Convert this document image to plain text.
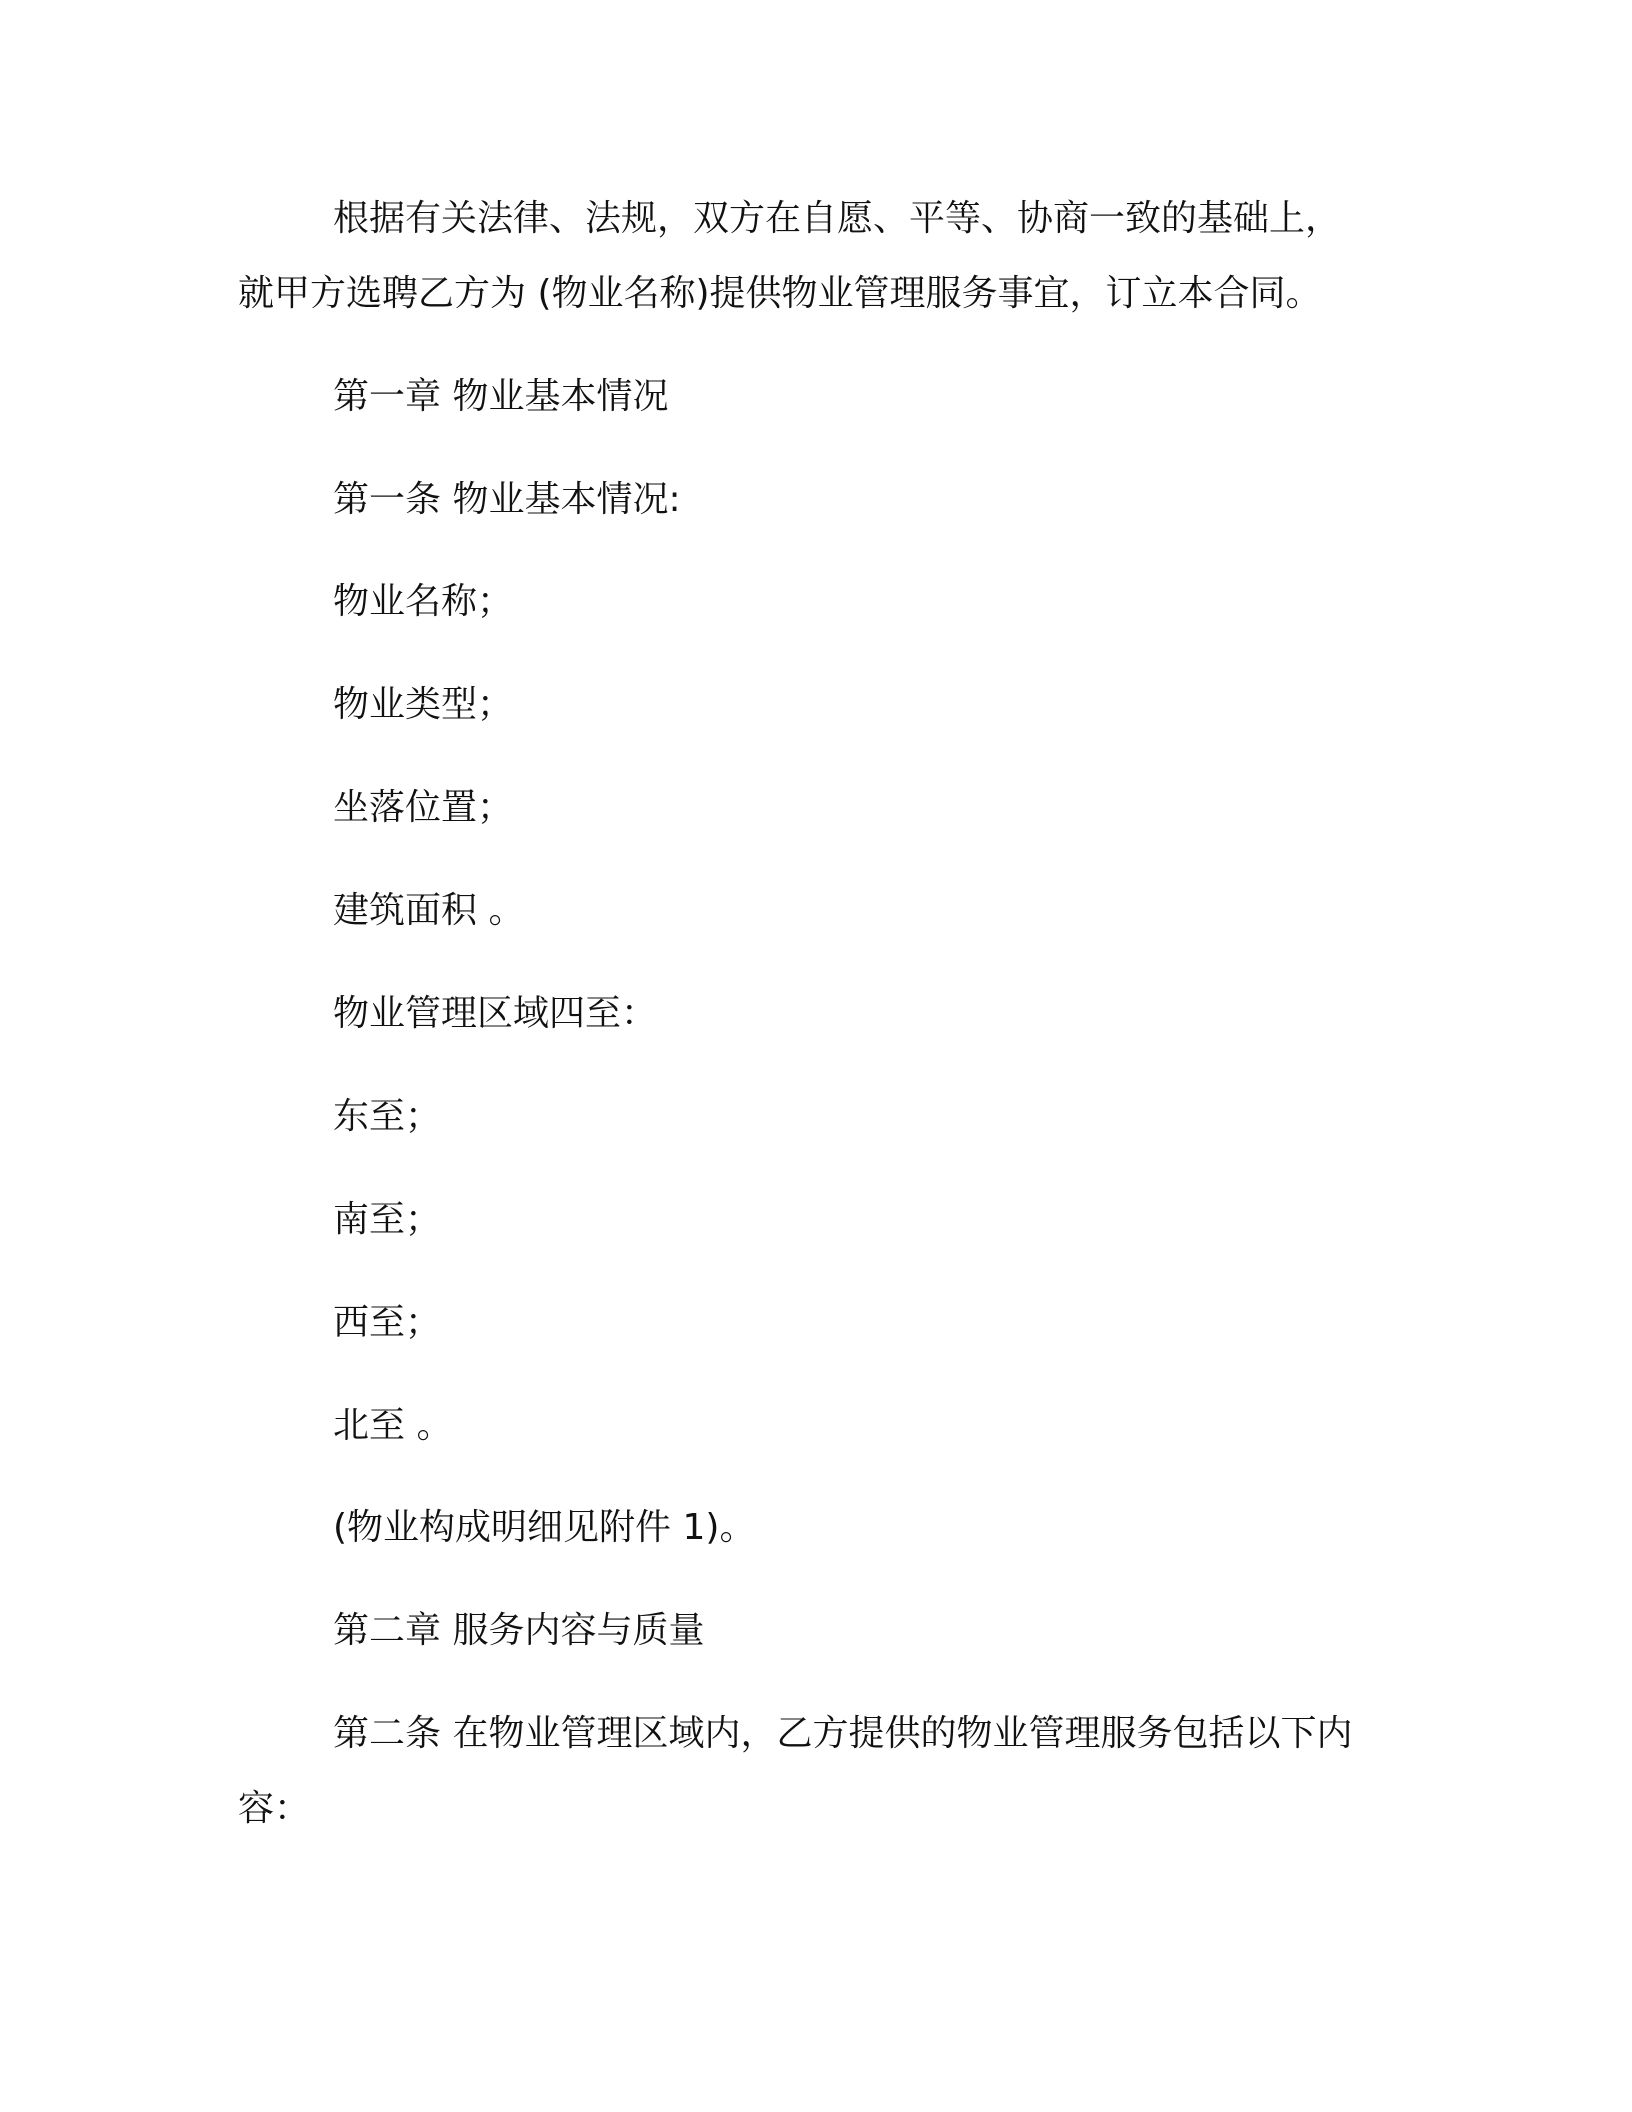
根据有关法律、法规，双方在自愿、平等、协商一致的基础上，
就甲方选聘乙方为 (物业名称)提供物业管理服务事宜，订立本合同。
第一章 物业基本情况
第一条 物业基本情况:
物业名称；
物业类型；
坐落位置；
建筑面积 。
物业管理区域四至：
东至；
南至；
西至；
北至 。
(物业构成明细见附件 1)。
第二章 服务内容与质量
第二条 在物业管理区域内，乙方提供的物业管理服务包括以下内
容：
